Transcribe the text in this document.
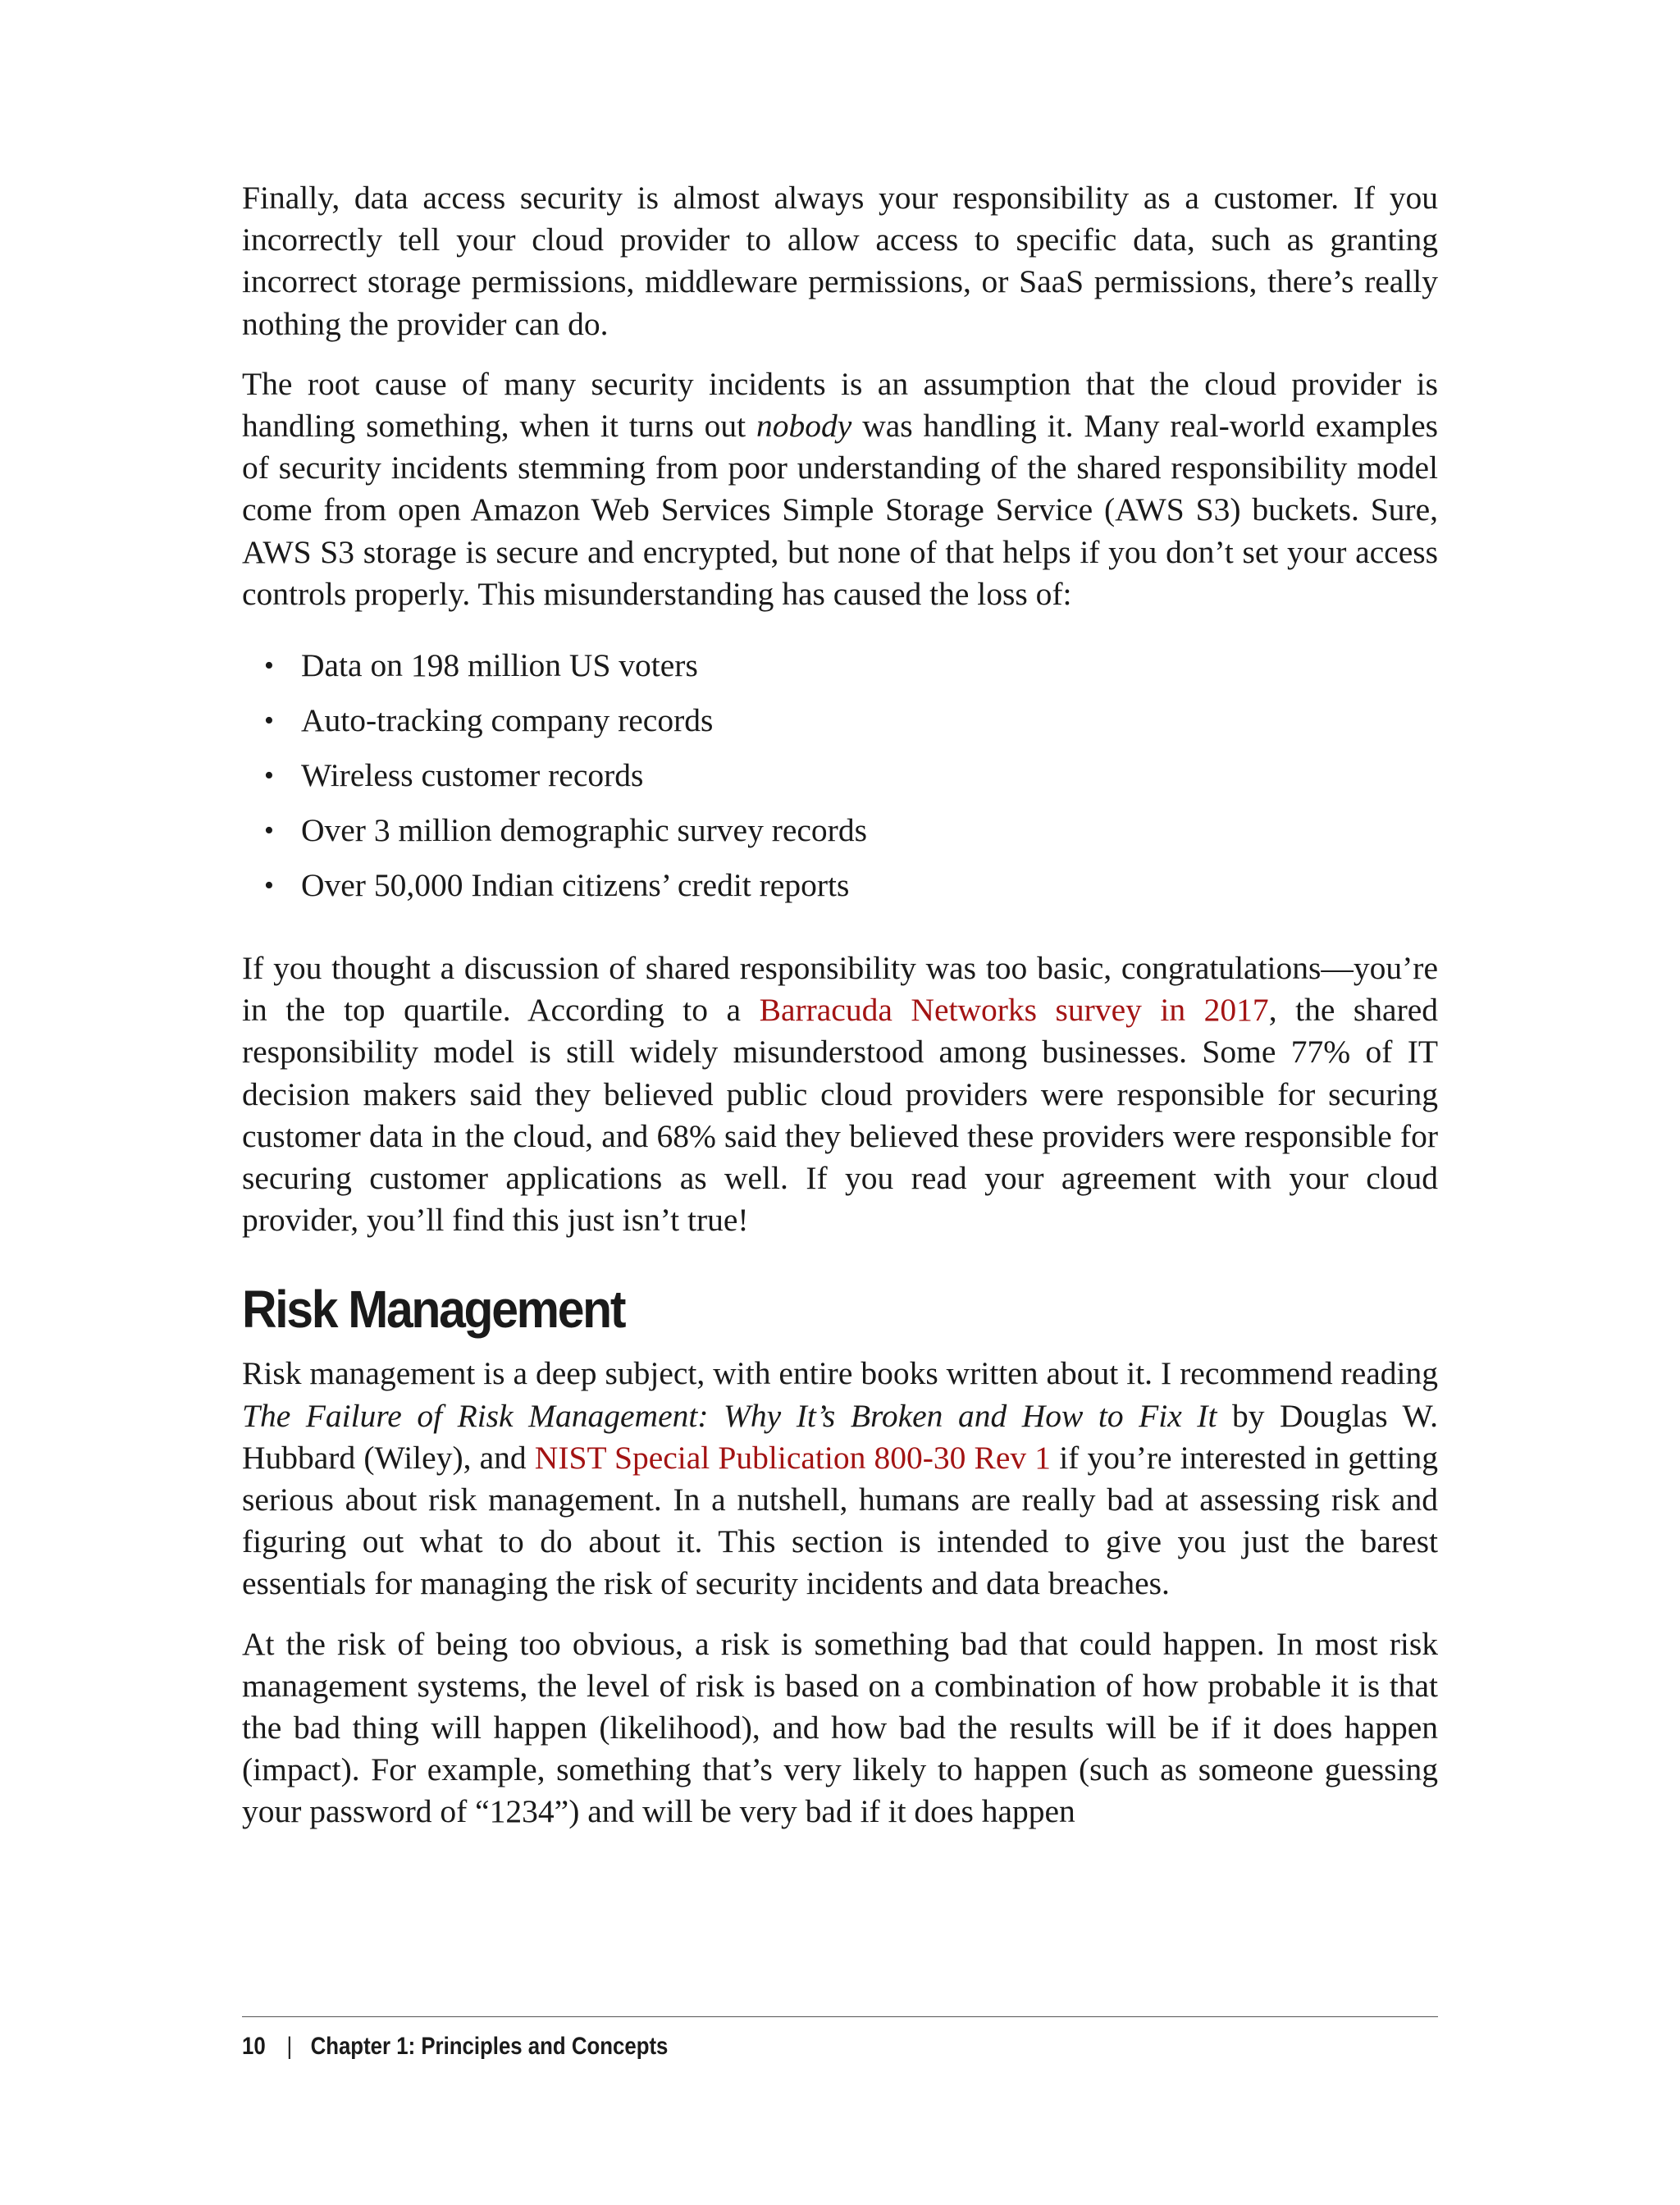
Finally, data access security is almost always your responsibility as a customer. If you incorrectly tell your cloud provider to allow access to specific data, such as granting incorrect storage permissions, middleware permissions, or SaaS permissions, there’s really nothing the provider can do.

The root cause of many security incidents is an assumption that the cloud provider is handling something, when it turns out nobody was handling it. Many real-world examples of security incidents stemming from poor understanding of the shared responsibility model come from open Amazon Web Services Simple Storage Service (AWS S3) buckets. Sure, AWS S3 storage is secure and encrypted, but none of that helps if you don’t set your access controls properly. This misunderstanding has caused the loss of:

• Data on 198 million US voters
• Auto-tracking company records
• Wireless customer records
• Over 3 million demographic survey records
• Over 50,000 Indian citizens’ credit reports

If you thought a discussion of shared responsibility was too basic, congratulations—you’re in the top quartile. According to a Barracuda Networks survey in 2017, the shared responsibility model is still widely misunderstood among businesses. Some 77% of IT decision makers said they believed public cloud providers were responsible for securing customer data in the cloud, and 68% said they believed these providers were responsible for securing customer applications as well. If you read your agreement with your cloud provider, you’ll find this just isn’t true!

Risk Management

Risk management is a deep subject, with entire books written about it. I recommend reading The Failure of Risk Management: Why It’s Broken and How to Fix It by Douglas W. Hubbard (Wiley), and NIST Special Publication 800-30 Rev 1 if you’re interested in getting serious about risk management. In a nutshell, humans are really bad at assessing risk and figuring out what to do about it. This section is intended to give you just the barest essentials for managing the risk of security incidents and data breaches.

At the risk of being too obvious, a risk is something bad that could happen. In most risk management systems, the level of risk is based on a combination of how probable it is that the bad thing will happen (likelihood), and how bad the results will be if it does happen (impact). For example, something that’s very likely to happen (such as someone guessing your password of “1234”) and will be very bad if it does happen

10 | Chapter 1: Principles and Concepts
